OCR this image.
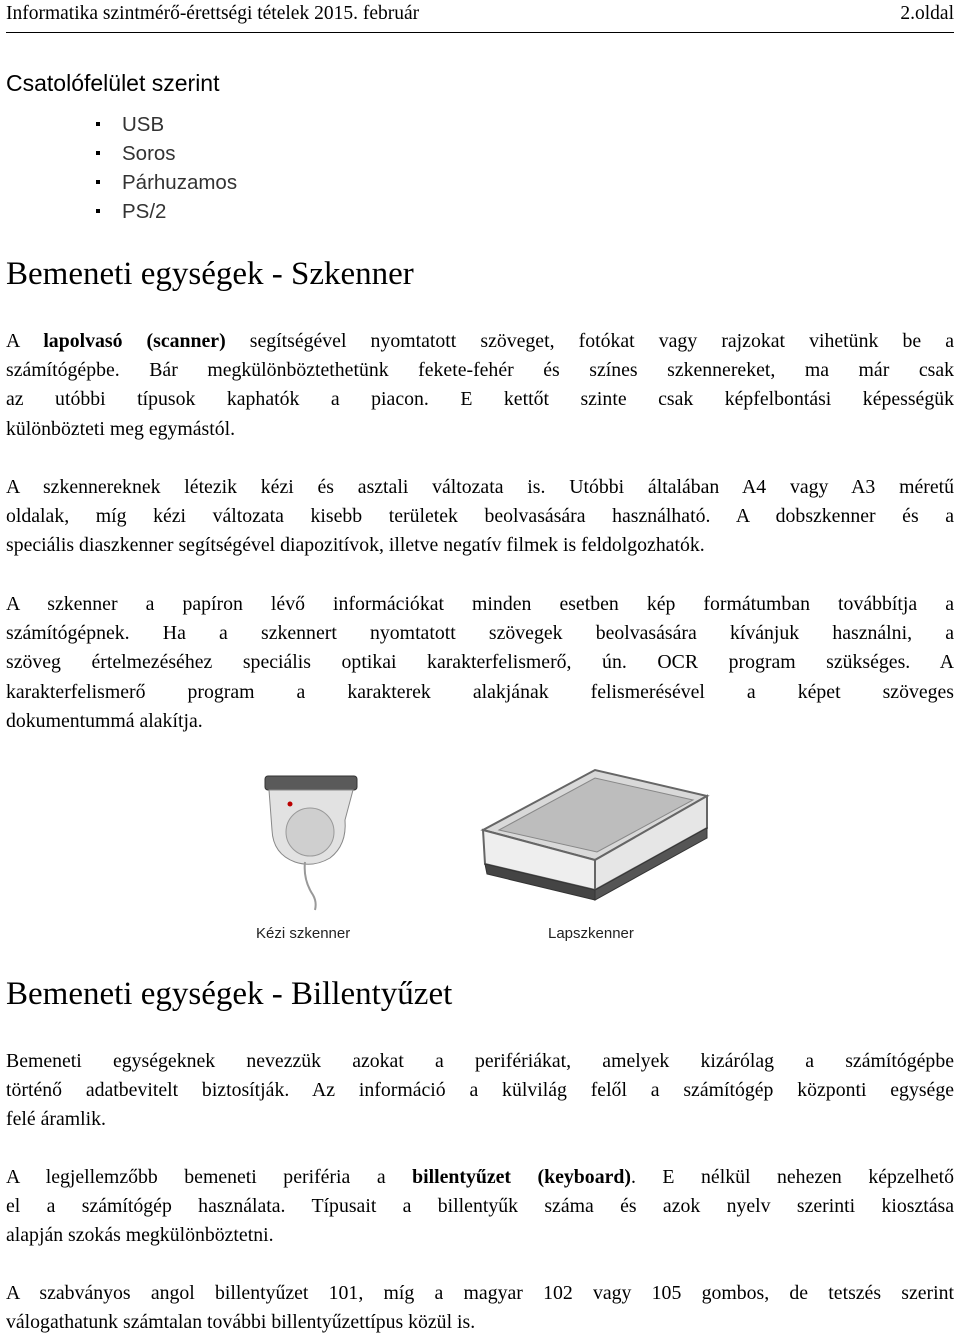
Informatika szintmérő-érettségi tételek 2015. február	2.oldal
Csatolófelület szerint
USB
Soros
Párhuzamos
PS/2
Bemeneti egységek - Szkenner
A lapolvasó (scanner) segítségével nyomtatott szöveget, fotókat vagy rajzokat vihetünk be a
számítógépbe. Bár megkülönböztethetünk fekete-fehér és színes szkennereket, ma már csak
az utóbbi típusok kaphatók a piacon. E kettőt szinte csak képfelbontási képességük
különbözteti meg egymástól.
A szkennereknek létezik kézi és asztali változata is. Utóbbi általában A4 vagy A3 méretű
oldalak, míg kézi változata kisebb területek beolvasására használható. A dobszkenner és a
speciális diaszkenner segítségével diapozitívok, illetve negatív filmek is feldolgozhatók.
A szkenner a papíron lévő információkat minden esetben kép formátumban továbbítja a
számítógépnek. Ha a szkennert nyomtatott szövegek beolvasására kívánjuk használni, a
szöveg értelmezéséhez speciális optikai karakterfelismerő, ún. OCR program szükséges. A
karakterfelismerő program a karakterek alakjának felismerésével a képet szöveges
dokumentummá alakítja.
Kézi szkenner	Lapszkenner
Bemeneti egységek - Billentyűzet
Bemeneti egységeknek nevezzük azokat a perifériákat, amelyek kizárólag a számítógépbe
történő adatbevitelt biztosítják. Az információ a külvilág felől a számítógép központi egysége
felé áramlik.
A legjellemzőbb bemeneti periféria a billentyűzet (keyboard). E nélkül nehezen képzelhető
el a számítógép használata. Típusait a billentyűk száma és azok nyelv szerinti kiosztása
alapján szokás megkülönböztetni.
A szabványos angol billentyűzet 101, míg a magyar 102 vagy 105 gombos, de tetszés szerint
válogathatunk számtalan további billentyűzettípus közül is.
